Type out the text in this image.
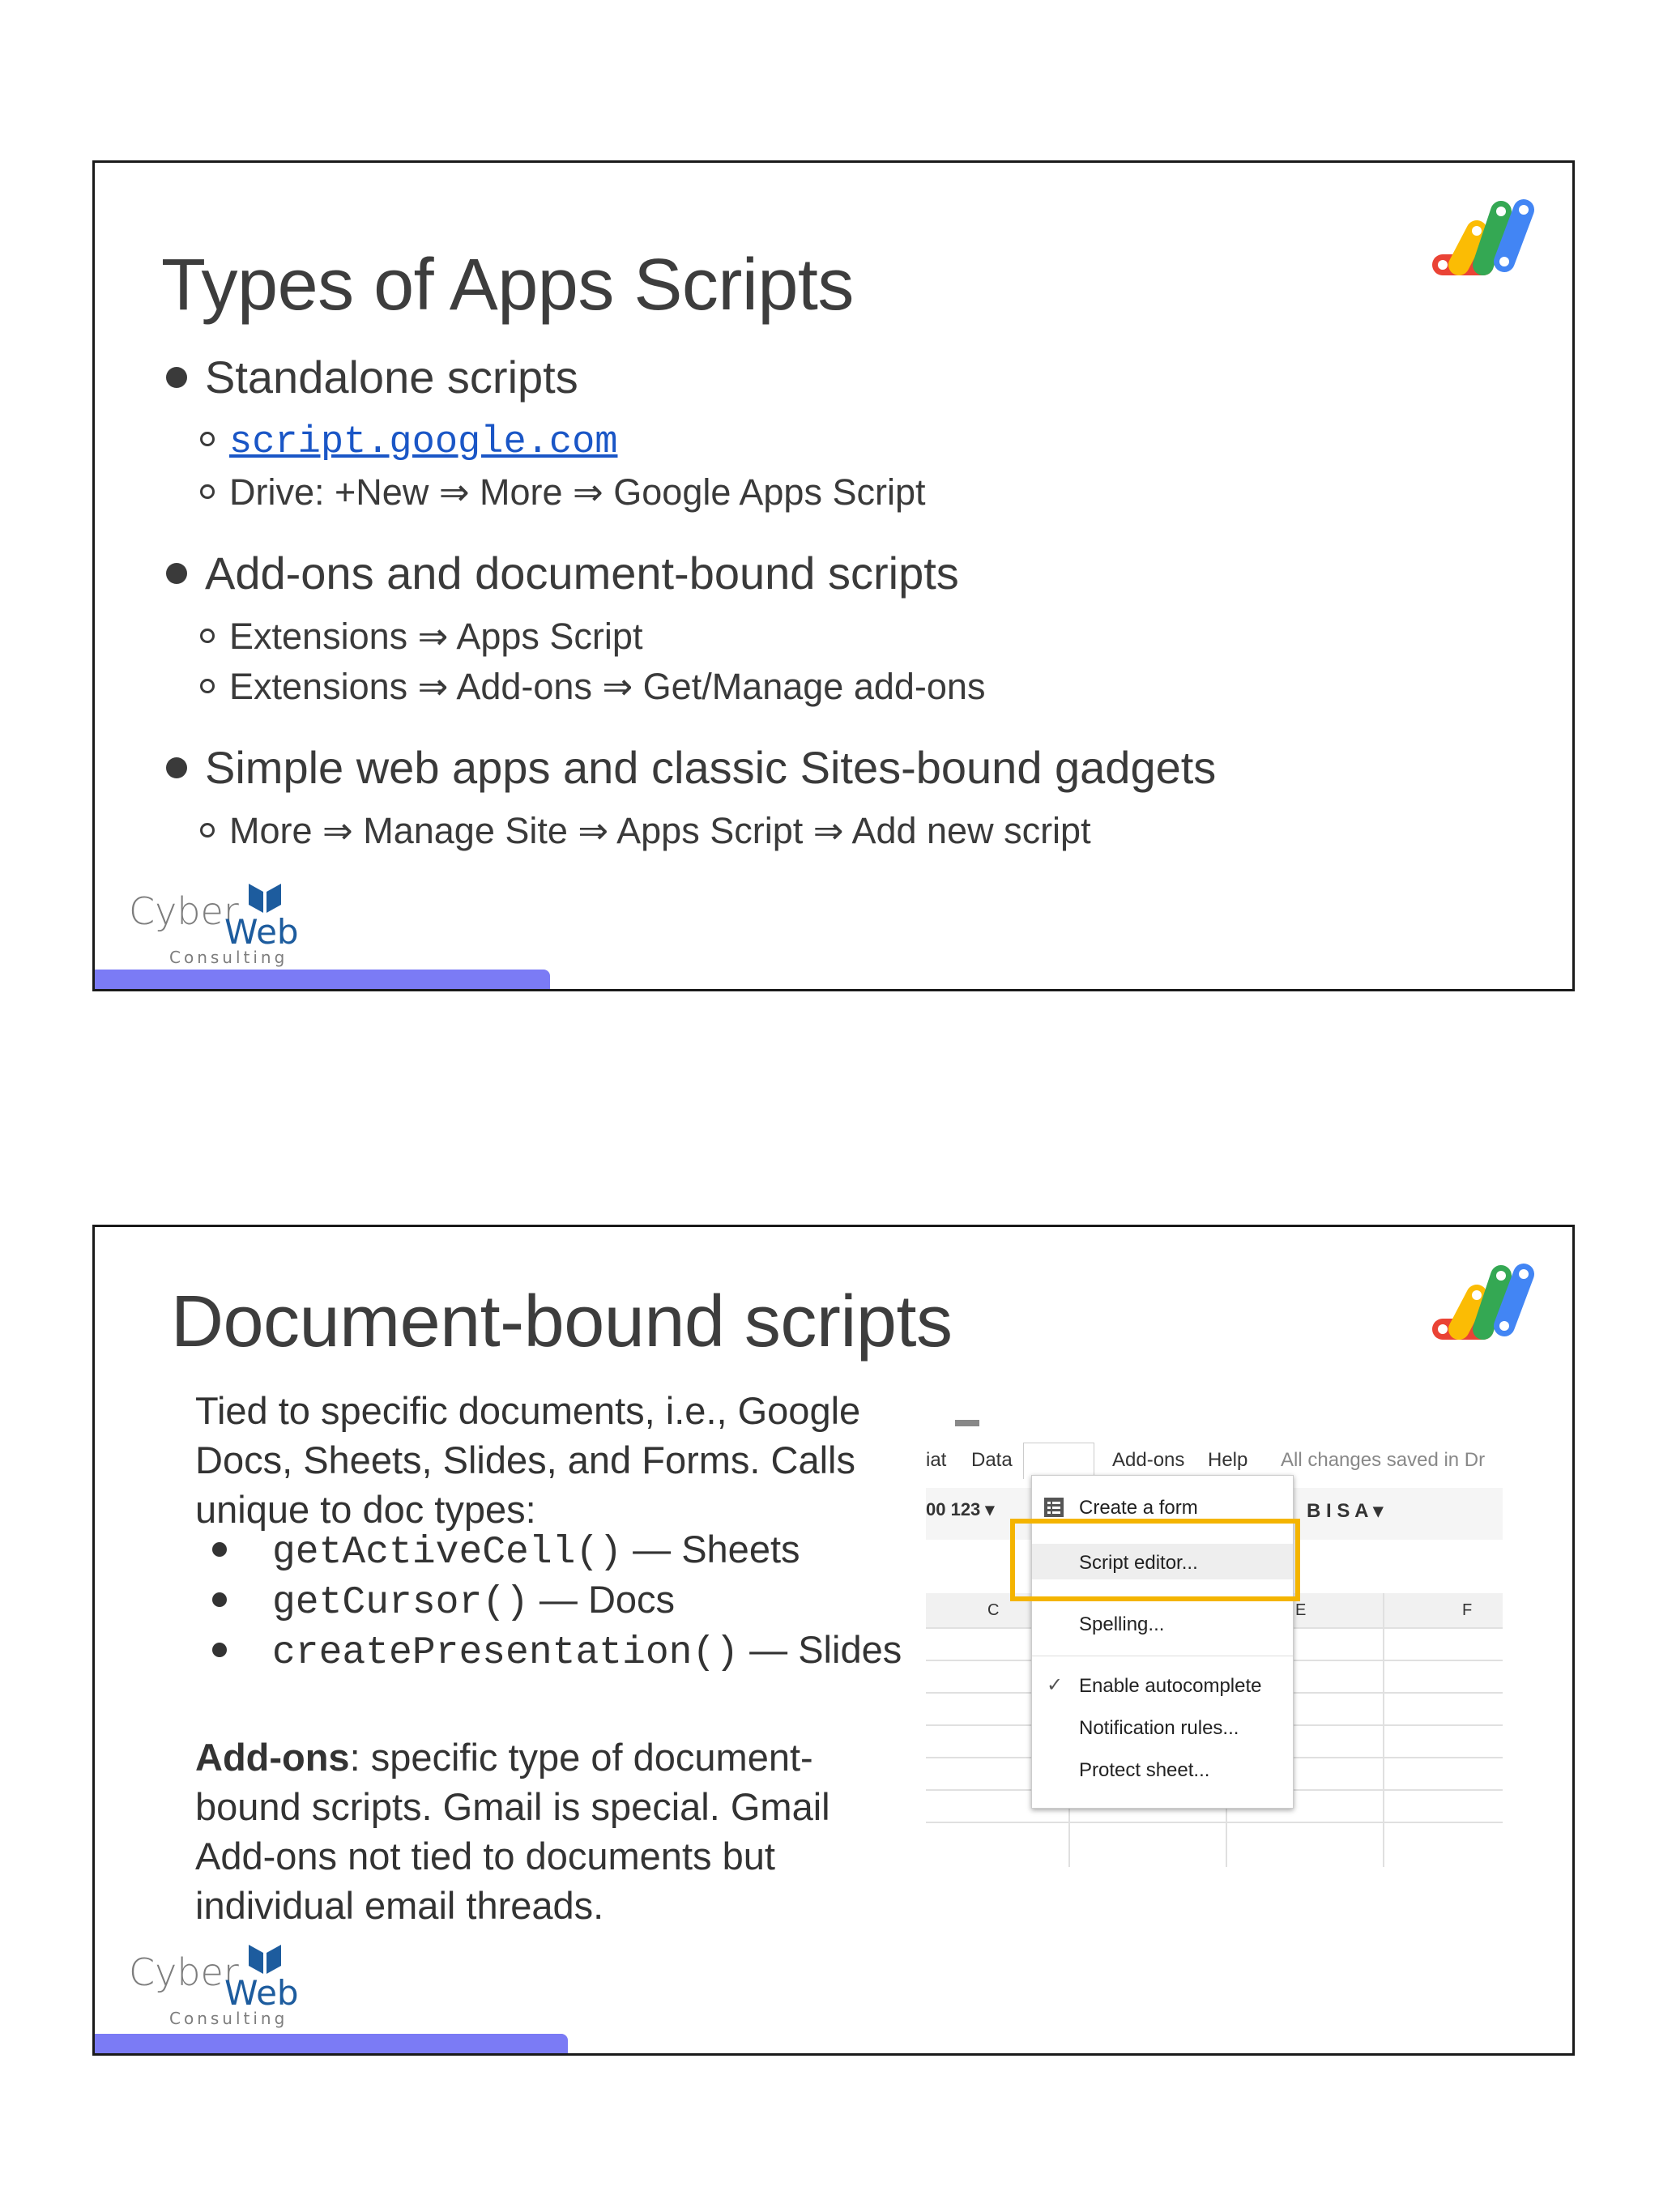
Types of Apps Scripts
Standalone scripts
script.google.com
Drive: +New ⇒ More ⇒ Google Apps Script
Add-ons and document-bound scripts
Extensions ⇒ Apps Script
Extensions ⇒ Add-ons ⇒ Get/Manage add-ons
Simple web apps and classic Sites-bound gadgets
More ⇒ Manage Site ⇒ Apps Script ⇒ Add new script
Cyber
Web
Consulting
Document-bound scripts
Tied to specific documents, i.e., Google Docs, Sheets, Slides, and Forms. Calls unique to doc types:
getActiveCell() — Sheets
getCursor() — Docs
createPresentation() — Slides
Add-ons: specific type of document-bound scripts. Gmail is special. Gmail Add-ons not tied to documents but individual email threads.
iat Data	Add-ons Help All changes saved in Dr
00 123 ▾	B I S A ▾
C	E	F
Create a form
Script editor...
Spelling...
✓ Enable autocomplete
Notification rules...
Protect sheet...
Cyber
Web
Consulting
